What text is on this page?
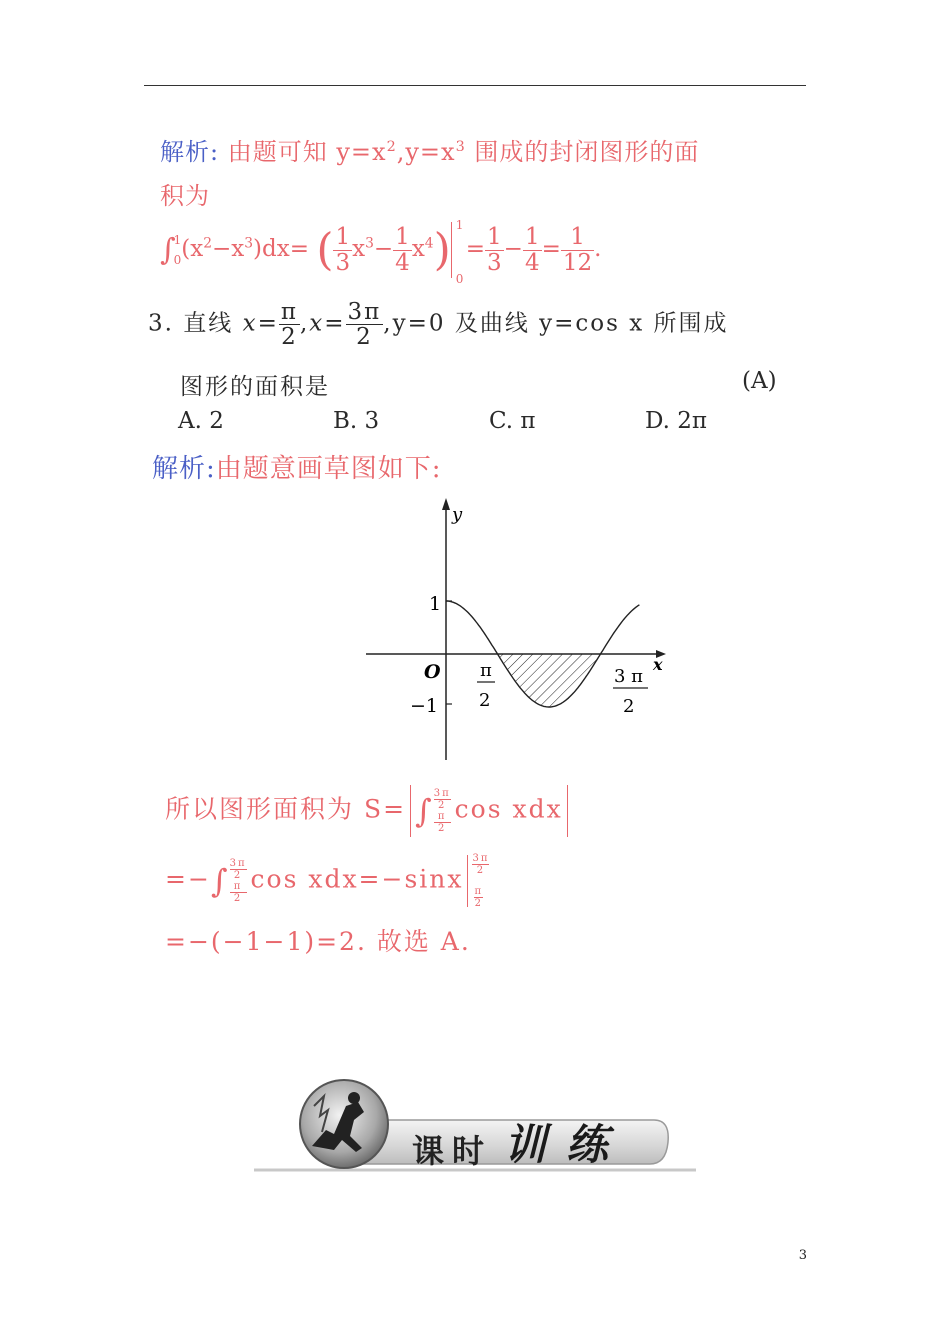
解析: 由题可知 $y=x^2,y=x^3$ 围成的封闭图形的面
积为
∫
1
0 $(x^2-x^3)dx=$ ( $\frac{1}{3} x^3- \frac{1}{4} x^4$) 1
0
= $\frac{1}{3} - \frac{1}{4} = \frac{1}{12}$ .
3. 直线 $x= \frac{\pi}{2} ,x= \frac{3\pi}{2} ,y=0$ 及曲线 y=cos x 所围成
图形的面积是	(A)
A. 2	B. 3	C. π	D. 2π
解析:由题意画草图如下:
y
x
O
1
−1
π
2
3 π
2
所以图形面积为 S= ∫ 3π
2
π
2
cos xdx
=−∫ 3π
2
π
2
cos xdx=−sinx
3π
2
π
2
=−(−1−1)=2. 故选 A.
课 时 训 练
3
